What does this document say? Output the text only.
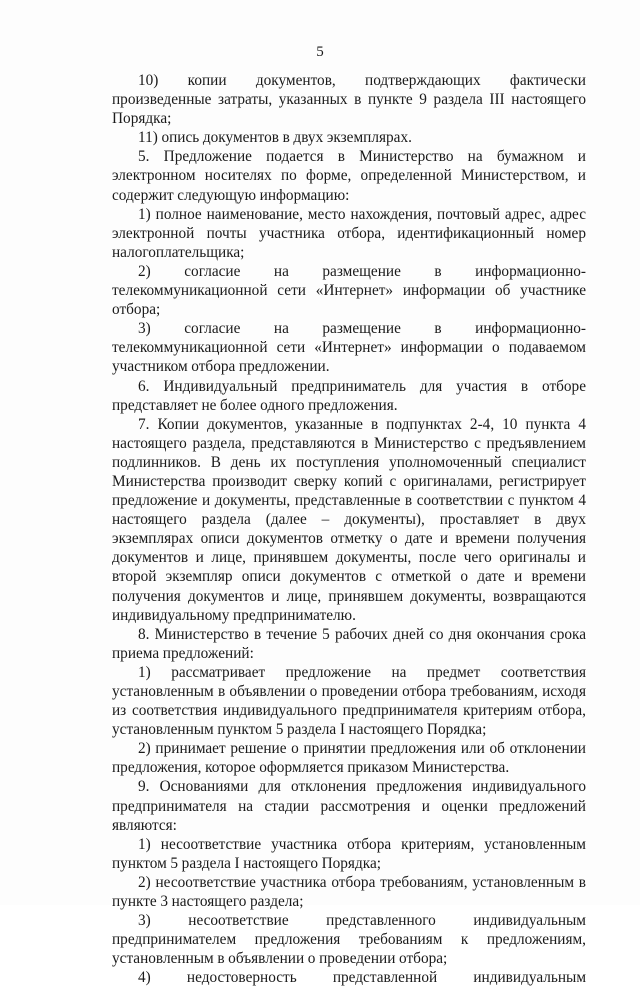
5

10) копии документов, подтверждающих фактически произведенные затраты, указанных в пункте 9 раздела III настоящего Порядка;

11) опись документов в двух экземплярах.

5. Предложение подается в Министерство на бумажном и электронном носителях по форме, определенной Министерством, и содержит следующую информацию:

1) полное наименование, место нахождения, почтовый адрес, адрес электронной почты участника отбора, идентификационный номер налогоплательщика;

2) согласие на размещение в информационно-телекоммуникационной сети «Интернет» информации об участнике отбора;

3) согласие на размещение в информационно-телекоммуникационной сети «Интернет» информации о подаваемом участником отбора предложении.

6. Индивидуальный предприниматель для участия в отборе представляет не более одного предложения.

7. Копии документов, указанные в подпунктах 2-4, 10 пункта 4 настоящего раздела, представляются в Министерство с предъявлением подлинников. В день их поступления уполномоченный специалист Министерства производит сверку копий с оригиналами, регистрирует предложение и документы, представленные в соответствии с пунктом 4 настоящего раздела (далее – документы), проставляет в двух экземплярах описи документов отметку о дате и времени получения документов и лице, принявшем документы, после чего оригиналы и второй экземпляр описи документов с отметкой о дате и времени получения документов и лице, принявшем документы, возвращаются индивидуальному предпринимателю.

8. Министерство в течение 5 рабочих дней со дня окончания срока приема предложений:

1) рассматривает предложение на предмет соответствия установленным в объявлении о проведении отбора требованиям, исходя из соответствия индивидуального предпринимателя критериям отбора, установленным пунктом 5 раздела I настоящего Порядка;

2) принимает решение о принятии предложения или об отклонении предложения, которое оформляется приказом Министерства.

9. Основаниями для отклонения предложения индивидуального предпринимателя на стадии рассмотрения и оценки предложений являются:

1) несоответствие участника отбора критериям, установленным пунктом 5 раздела I настоящего Порядка;

2) несоответствие участника отбора требованиям, установленным в пункте 3 настоящего раздела;

3) несоответствие представленного индивидуальным предпринимателем предложения требованиям к предложениям, установленным в объявлении о проведении отбора;

4) недостоверность представленной индивидуальным
